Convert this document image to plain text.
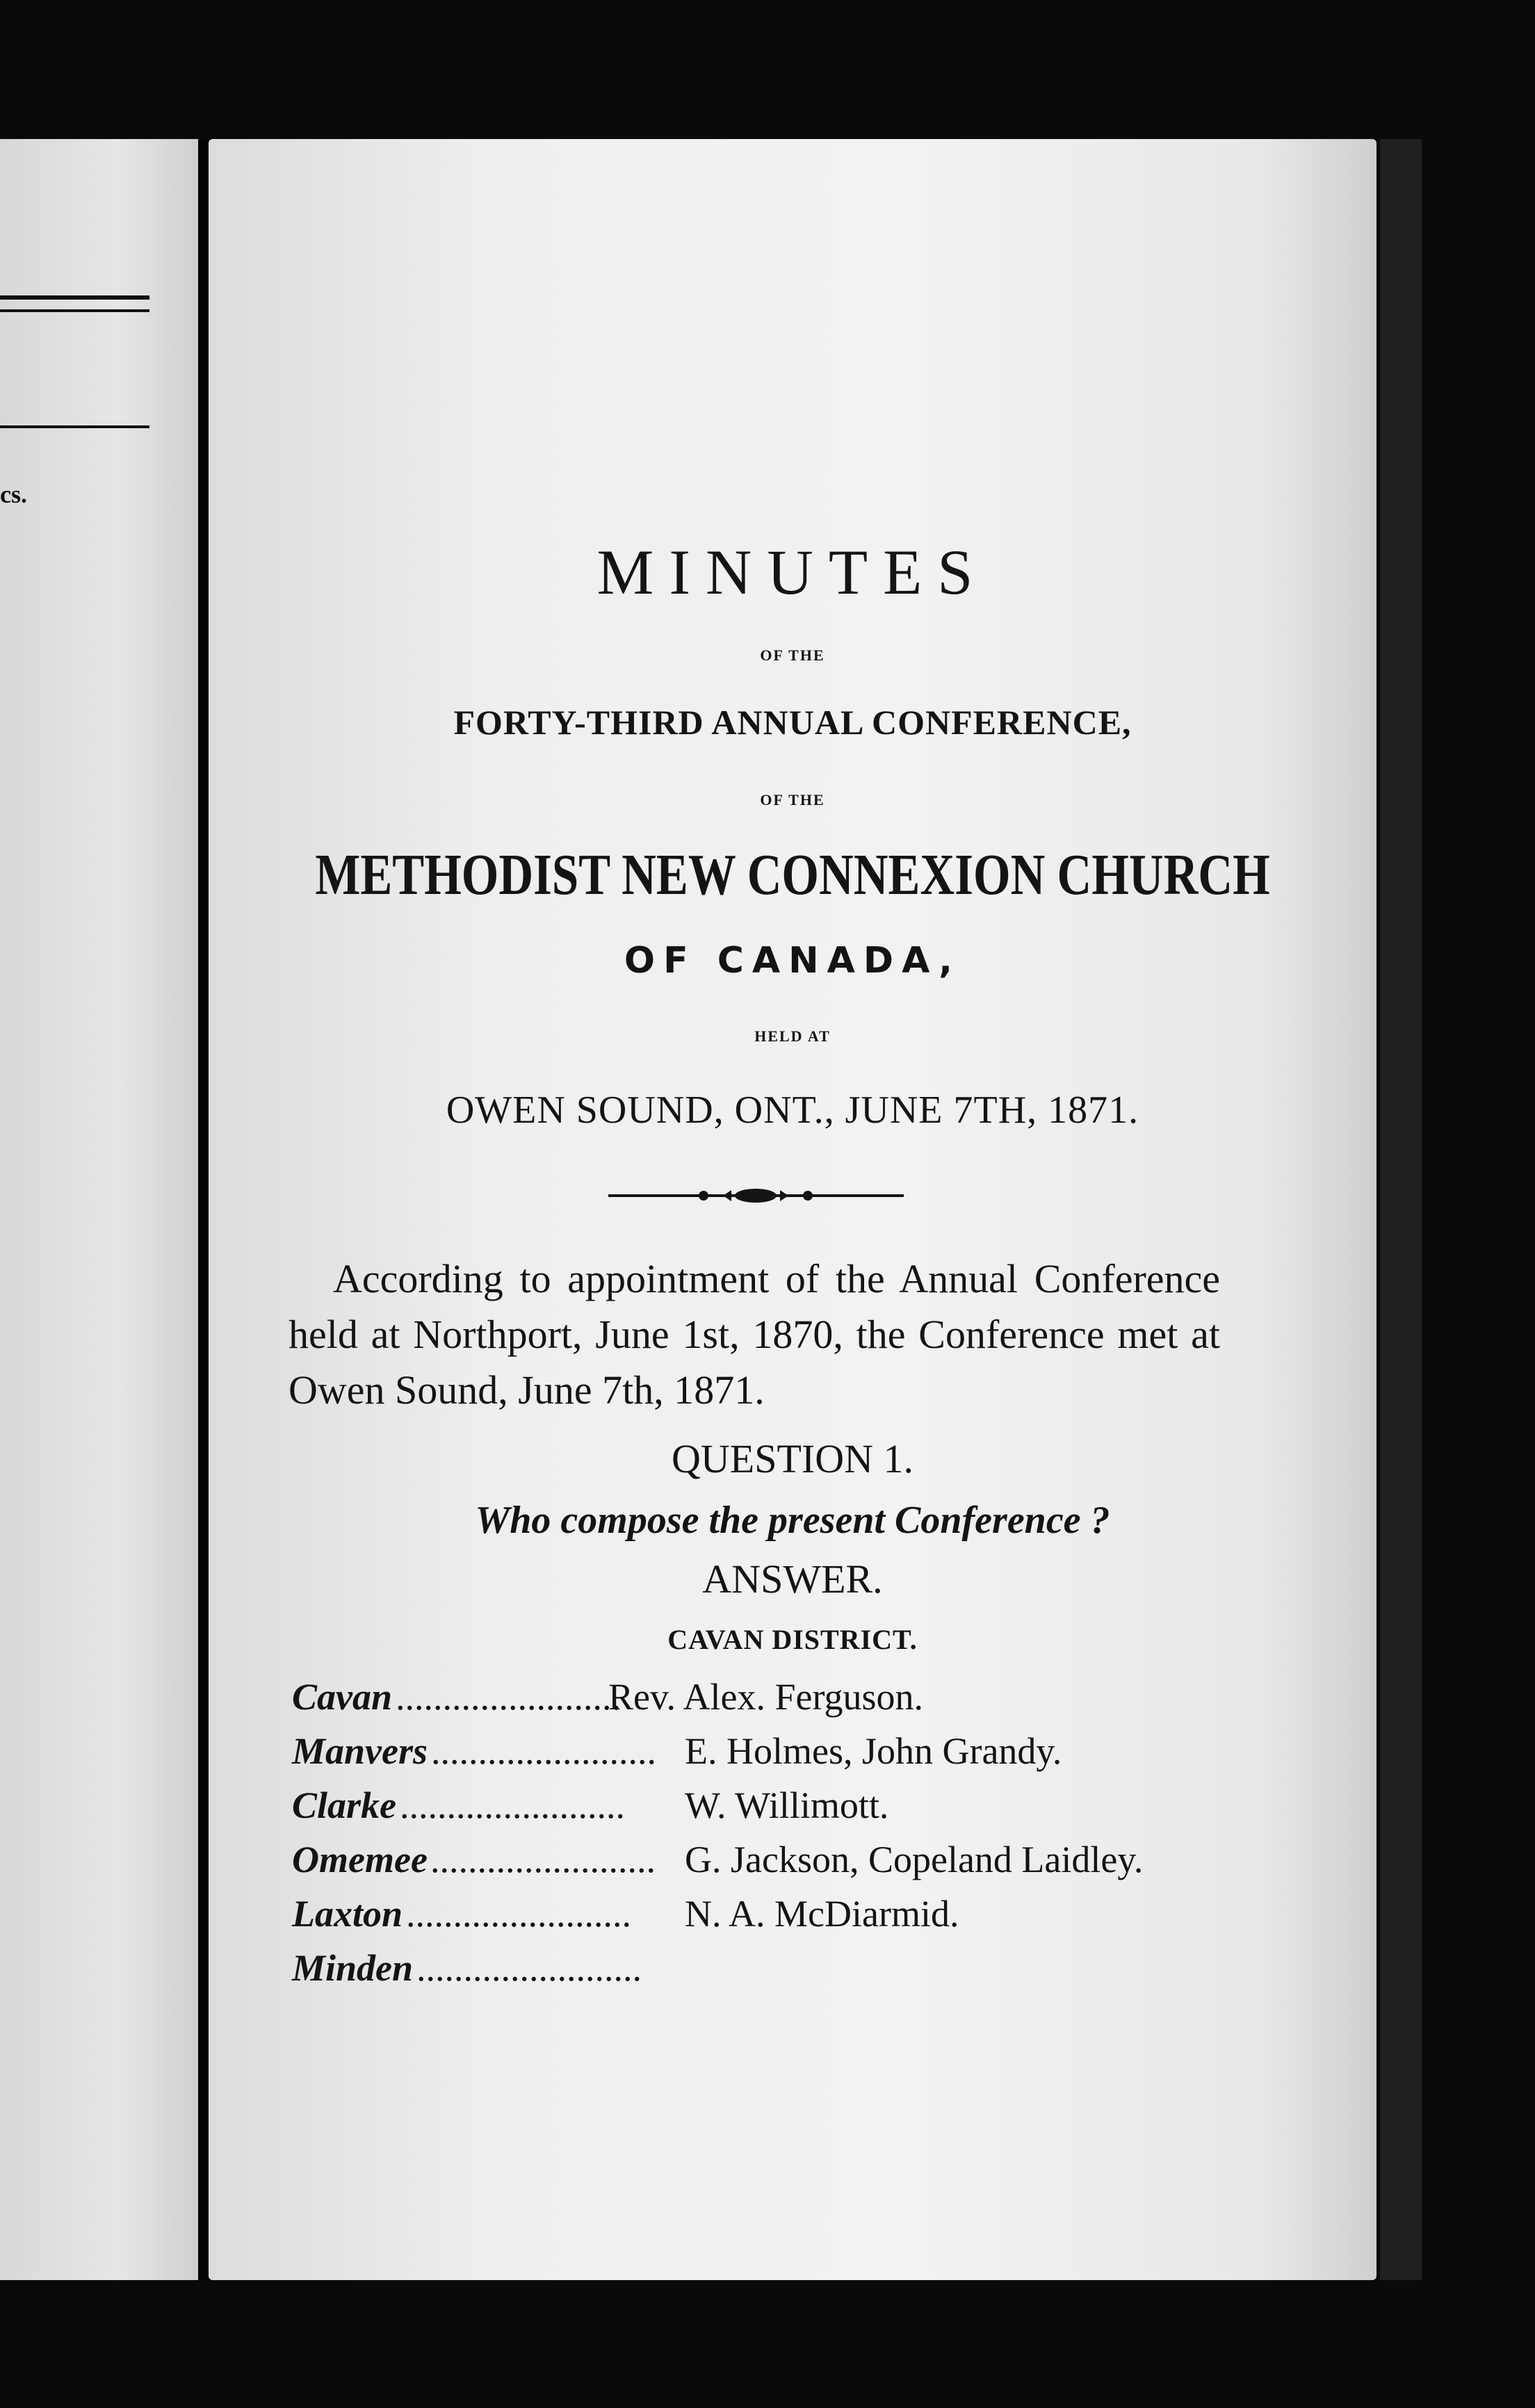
cs.
MINUTES
OF THE
FORTY-THIRD ANNUAL CONFERENCE,
OF THE
METHODIST NEW CONNEXION CHURCH
OF CANADA,
HELD AT
OWEN SOUND, ONT., JUNE 7TH, 1871.

According to appointment of the Annual Conference held at Northport, June 1st, 1870, the Conference met at Owen Sound, June 7th, 1871.

QUESTION 1.
Who compose the present Conference ?
ANSWER.
CAVAN DISTRICT.
........................
Cavan	Rev. Alex. Ferguson.
........................
Manvers	E. Holmes, John Grandy.
........................
Clarke	W. Willimott.
........................
Omemee	G. Jackson, Copeland Laidley.
........................
Laxton	N. A. McDiarmid.
........................
Minden
